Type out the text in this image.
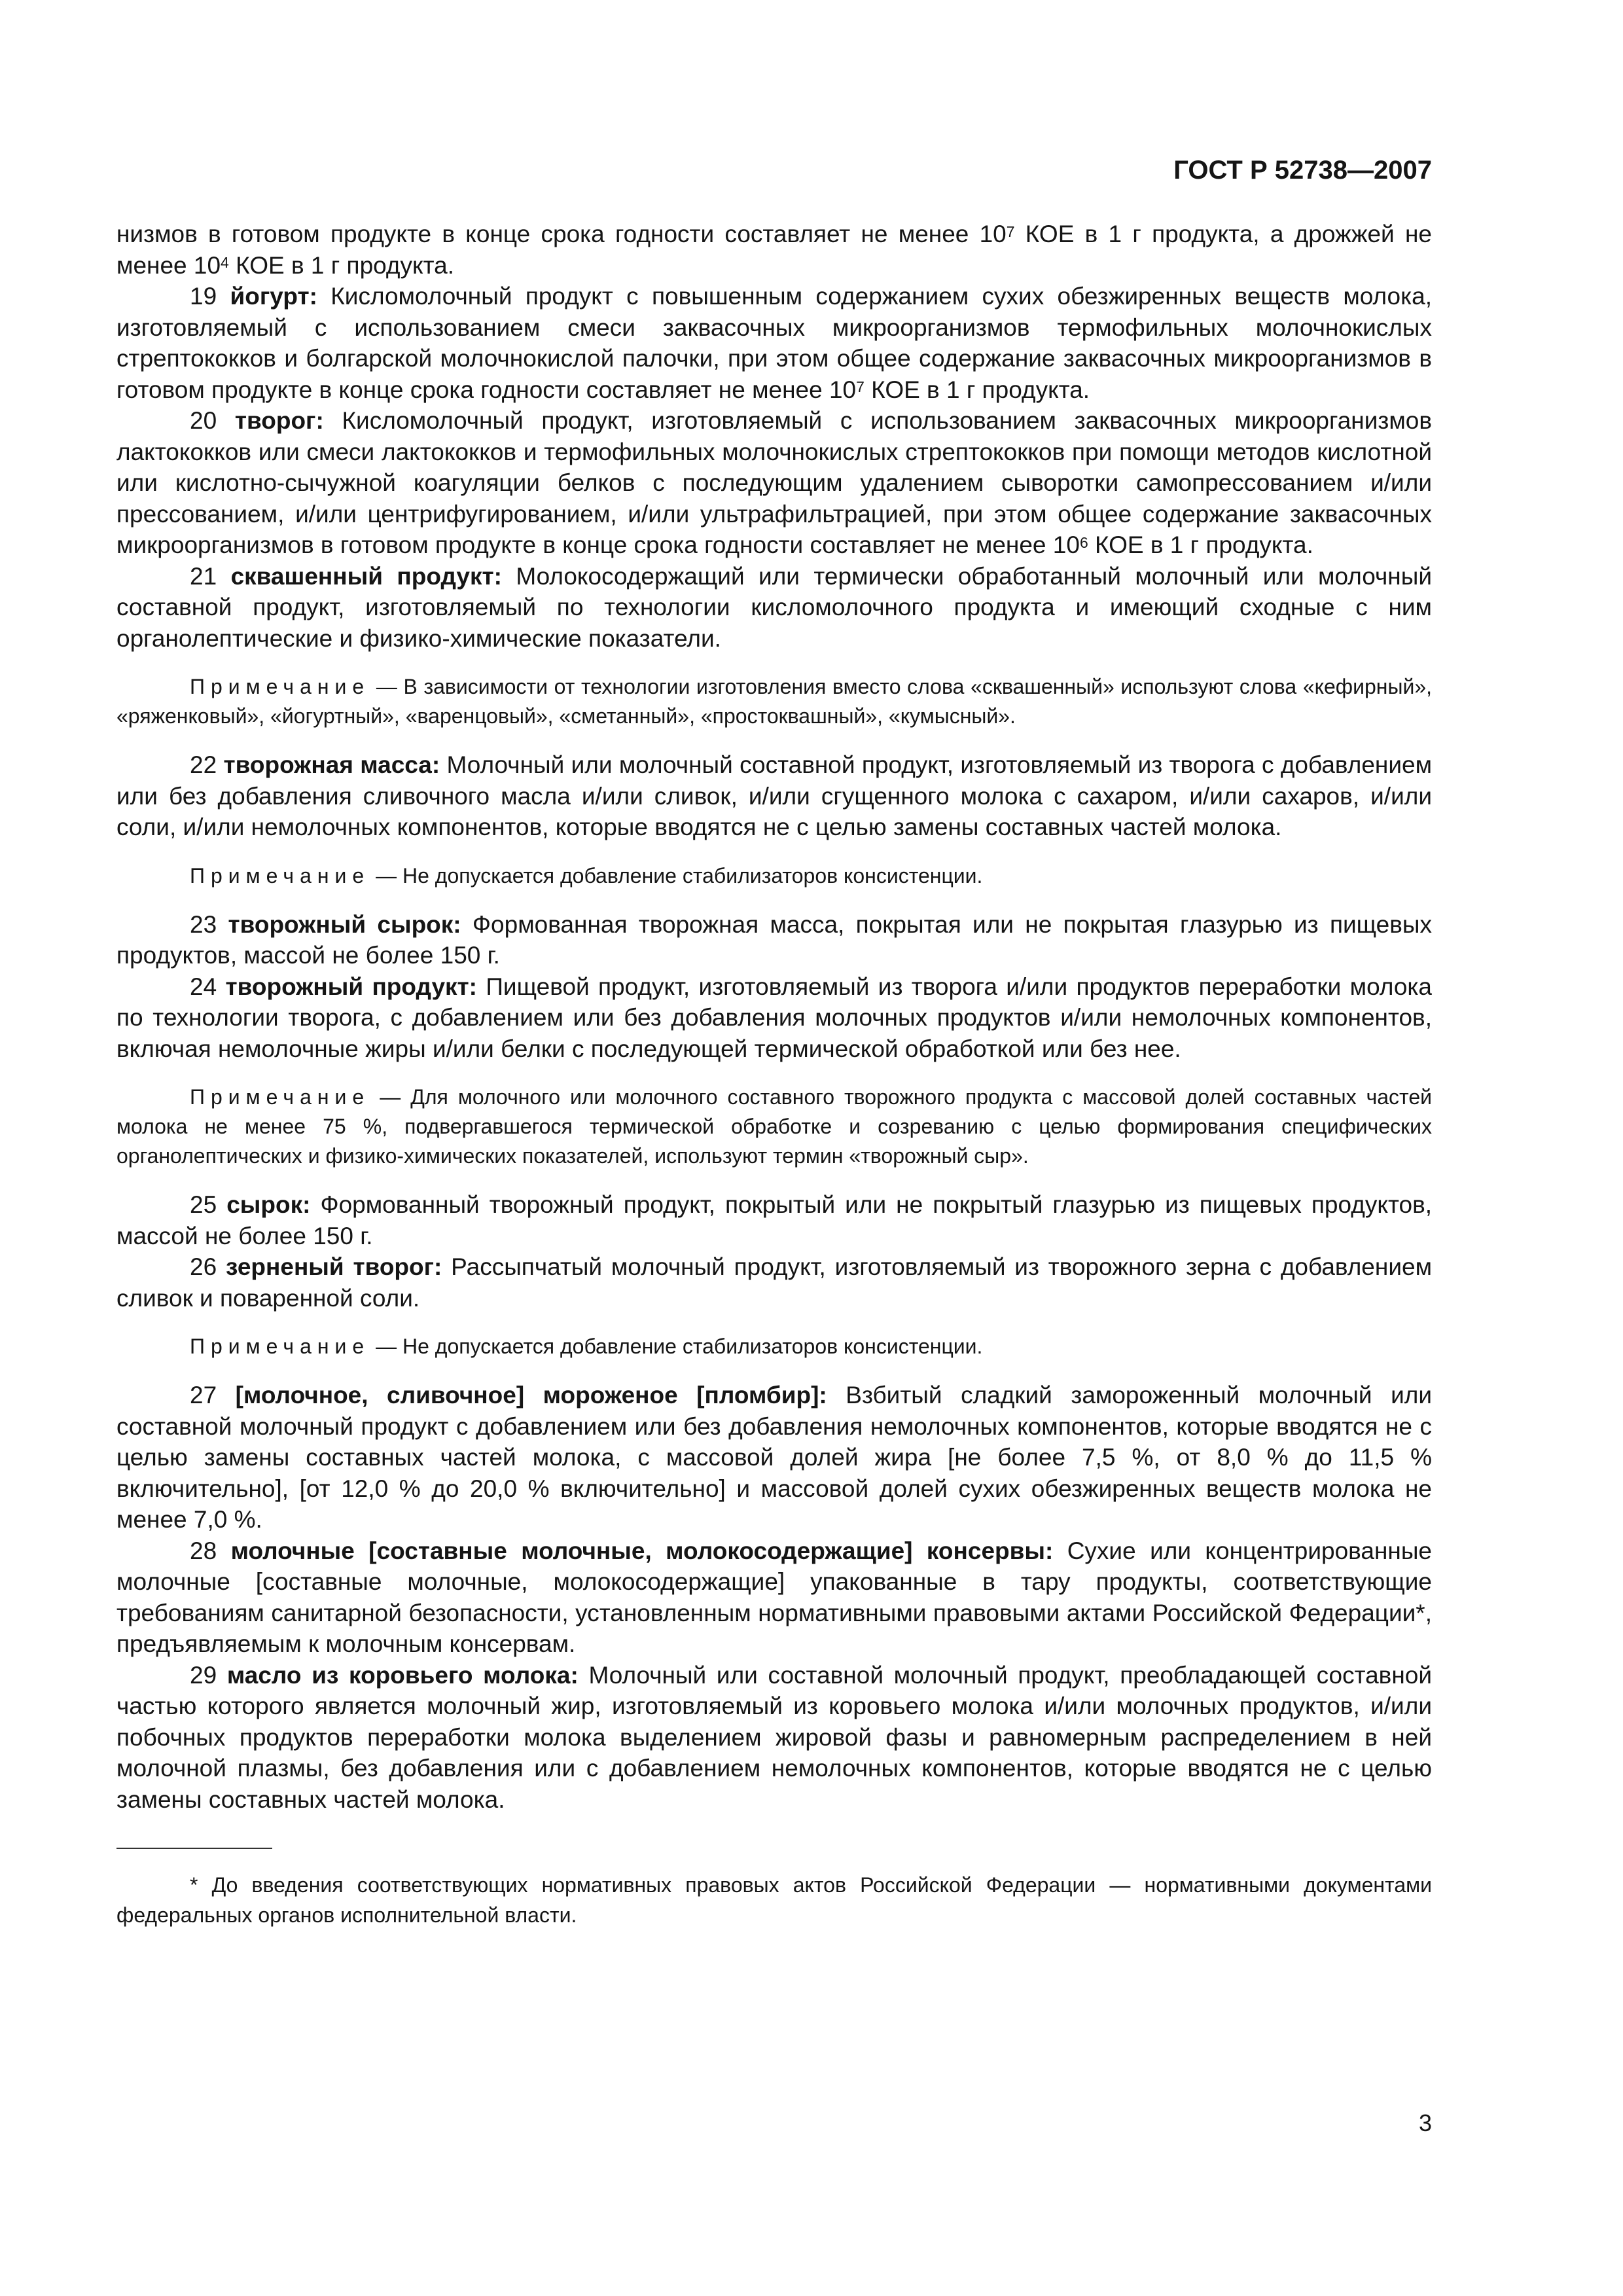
ГОСТ Р 52738—2007

низмов в готовом продукте в конце срока годности составляет не менее $10^7$ КОЕ в 1 г продукта, а дрожжей не менее $10^4$ КОЕ в 1 г продукта.

19 йогурт: Кисломолочный продукт с повышенным содержанием сухих обезжиренных веществ молока, изготовляемый с использованием смеси заквасочных микроорганизмов термофильных молочнокислых стрептококков и болгарской молочнокислой палочки, при этом общее содержание заквасочных микроорганизмов в готовом продукте в конце срока годности составляет не менее $10^7$ КОЕ в 1 г продукта.

20 творог: Кисломолочный продукт, изготовляемый с использованием заквасочных микроорганизмов лактококков или смеси лактококков и термофильных молочнокислых стрептококков при помощи методов кислотной или кислотно-сычужной коагуляции белков с последующим удалением сыворотки самопрессованием и/или прессованием, и/или центрифугированием, и/или ультрафильтрацией, при этом общее содержание заквасочных микроорганизмов в готовом продукте в конце срока годности составляет не менее $10^6$ КОЕ в 1 г продукта.

21 сквашенный продукт: Молокосодержащий или термически обработанный молочный или молочный составной продукт, изготовляемый по технологии кисломолочного продукта и имеющий сходные с ним органолептические и физико-химические показатели.

Примечание — В зависимости от технологии изготовления вместо слова «сквашенный» используют слова «кефирный», «ряженковый», «йогуртный», «варенцовый», «сметанный», «простоквашный», «кумысный».

22 творожная масса: Молочный или молочный составной продукт, изготовляемый из творога с добавлением или без добавления сливочного масла и/или сливок, и/или сгущенного молока с сахаром, и/или сахаров, и/или соли, и/или немолочных компонентов, которые вводятся не с целью замены составных частей молока.

Примечание — Не допускается добавление стабилизаторов консистенции.

23 творожный сырок: Формованная творожная масса, покрытая или не покрытая глазурью из пищевых продуктов, массой не более 150 г.

24 творожный продукт: Пищевой продукт, изготовляемый из творога и/или продуктов переработки молока по технологии творога, с добавлением или без добавления молочных продуктов и/или немолочных компонентов, включая немолочные жиры и/или белки с последующей термической обработкой или без нее.

Примечание — Для молочного или молочного составного творожного продукта с массовой долей составных частей молока не менее 75 %, подвергавшегося термической обработке и созреванию с целью формирования специфических органолептических и физико-химических показателей, используют термин «творожный сыр».

25 сырок: Формованный творожный продукт, покрытый или не покрытый глазурью из пищевых продуктов, массой не более 150 г.

26 зерненый творог: Рассыпчатый молочный продукт, изготовляемый из творожного зерна с добавлением сливок и поваренной соли.

Примечание — Не допускается добавление стабилизаторов консистенции.

27 [молочное, сливочное] мороженое [пломбир]: Взбитый сладкий замороженный молочный или составной молочный продукт с добавлением или без добавления немолочных компонентов, которые вводятся не с целью замены составных частей молока, с массовой долей жира [не более 7,5 %, от 8,0 % до 11,5 % включительно], [от 12,0 % до 20,0 % включительно] и массовой долей сухих обезжиренных веществ молока не менее 7,0 %.

28 молочные [составные молочные, молокосодержащие] консервы: Сухие или концентрированные молочные [составные молочные, молокосодержащие] упакованные в тару продукты, соответствующие требованиям санитарной безопасности, установленным нормативными правовыми актами Российской Федерации*, предъявляемым к молочным консервам.

29 масло из коровьего молока: Молочный или составной молочный продукт, преобладающей составной частью которого является молочный жир, изготовляемый из коровьего молока и/или молочных продуктов, и/или побочных продуктов переработки молока выделением жировой фазы и равномерным распределением в ней молочной плазмы, без добавления или с добавлением немолочных компонентов, которые вводятся не с целью замены составных частей молока.

* До введения соответствующих нормативных правовых актов Российской Федерации — нормативными документами федеральных органов исполнительной власти.

3
